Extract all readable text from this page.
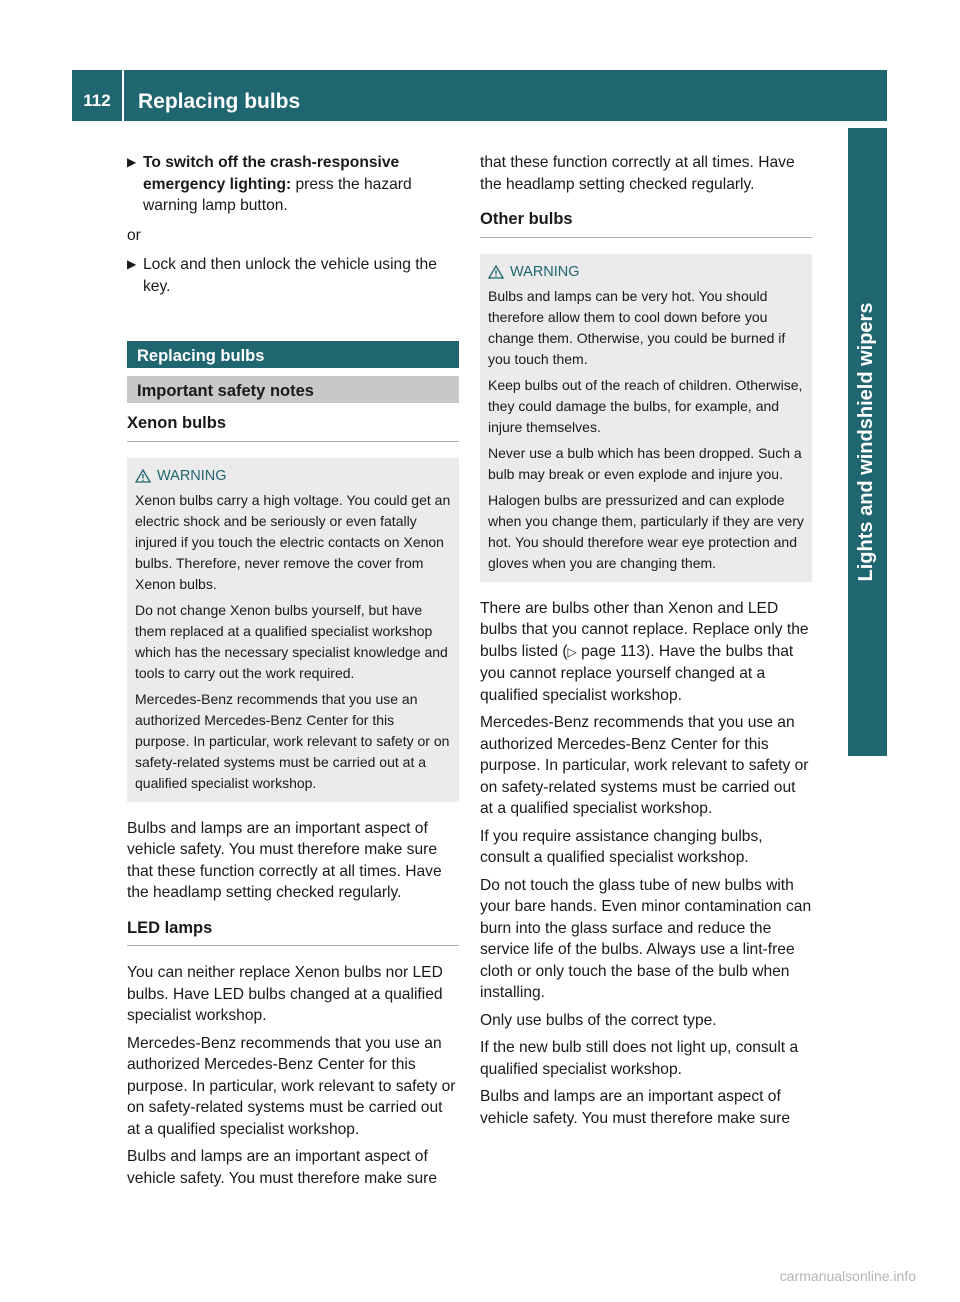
112	Replacing bulbs
Lights and windshield wipers
▶ To switch off the crash-responsive emergency lighting: press the hazard warning lamp button.

or

▶ Lock and then unlock the vehicle using the key.
Replacing bulbs
Important safety notes
Xenon bulbs
WARNING

Xenon bulbs carry a high voltage. You could get an electric shock and be seriously or even fatally injured if you touch the electric contacts on Xenon bulbs. Therefore, never remove the cover from Xenon bulbs.

Do not change Xenon bulbs yourself, but have them replaced at a qualified specialist workshop which has the necessary specialist knowledge and tools to carry out the work required.

Mercedes-Benz recommends that you use an authorized Mercedes-Benz Center for this purpose. In particular, work relevant to safety or on safety-related systems must be carried out at a qualified specialist workshop.

Bulbs and lamps are an important aspect of vehicle safety. You must therefore make sure that these function correctly at all times. Have the headlamp setting checked regularly.

LED lamps

You can neither replace Xenon bulbs nor LED bulbs. Have LED bulbs changed at a qualified specialist workshop.

Mercedes-Benz recommends that you use an authorized Mercedes-Benz Center for this purpose. In particular, work relevant to safety or on safety-related systems must be carried out at a qualified specialist workshop.

Bulbs and lamps are an important aspect of vehicle safety. You must therefore make sure

that these function correctly at all times. Have the headlamp setting checked regularly.

Other bulbs
WARNING

Bulbs and lamps can be very hot. You should therefore allow them to cool down before you change them. Otherwise, you could be burned if you touch them.

Keep bulbs out of the reach of children. Otherwise, they could damage the bulbs, for example, and injure themselves.

Never use a bulb which has been dropped. Such a bulb may break or even explode and injure you.

Halogen bulbs are pressurized and can explode when you change them, particularly if they are very hot. You should therefore wear eye protection and gloves when you are changing them.

There are bulbs other than Xenon and LED bulbs that you cannot replace. Replace only the bulbs listed (▷ page 113). Have the bulbs that you cannot replace yourself changed at a qualified specialist workshop.

Mercedes-Benz recommends that you use an authorized Mercedes-Benz Center for this purpose. In particular, work relevant to safety or on safety-related systems must be carried out at a qualified specialist workshop.

If you require assistance changing bulbs, consult a qualified specialist workshop.

Do not touch the glass tube of new bulbs with your bare hands. Even minor contamination can burn into the glass surface and reduce the service life of the bulbs. Always use a lint-free cloth or only touch the base of the bulb when installing.

Only use bulbs of the correct type.

If the new bulb still does not light up, consult a qualified specialist workshop.

Bulbs and lamps are an important aspect of vehicle safety. You must therefore make sure

carmanualsonline.info
